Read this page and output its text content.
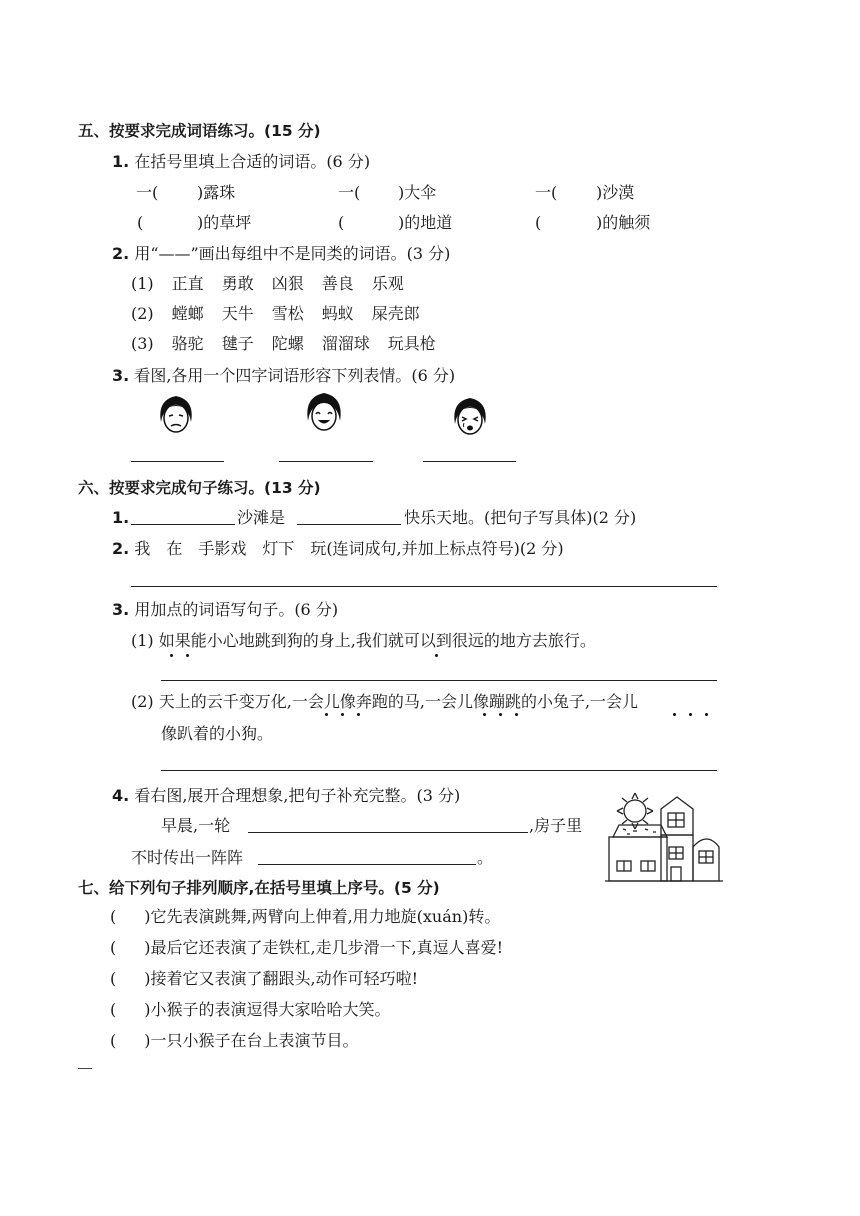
五、按要求完成词语练习。(15 分)
1. 在括号里填上合适的词语。(6 分)
一( )露珠	一( )大伞	一( )沙漠
(	)的草坪	(	)的地道	(	)的触须
2. 用“——”画出每组中不是同类的词语。(3 分)
(1) 正直 勇敢 凶狠 善良 乐观
(2) 螳螂 天牛 雪松 蚂蚁 屎壳郎
(3) 骆驼 毽子 陀螺 溜溜球 玩具枪
3. 看图,各用一个四字词语形容下列表情。(6 分)
六、按要求完成句子练习。(13 分)
1.	沙滩是	快乐天地。(把句子写具体)(2 分)
2. 我　在　手影戏　灯下　玩(连词成句,并加上标点符号)(2 分)
3. 用加点的词语写句子。(6 分)
(1) 如果能小心地跳到狗的身上,我们就可以到很远的地方去旅行。
(2) 天上的云千变万化,一会儿像奔跑的马,一会儿像蹦跳的小兔子,一会儿
像趴着的小狗。
4. 看右图,展开合理想象,把句子补充完整。(3 分)
早晨,一轮	,房子里
不时传出一阵阵	。
七、给下列句子排列顺序,在括号里填上序号。(5 分)
( )它先表演跳舞,两臂向上伸着,用力地旋(xuán)转。
( )最后它还表演了走铁杠,走几步滑一下,真逗人喜爱!
( )接着它又表演了翻跟头,动作可轻巧啦!
( )小猴子的表演逗得大家哈哈大笑。
( )一只小猴子在台上表演节目。
